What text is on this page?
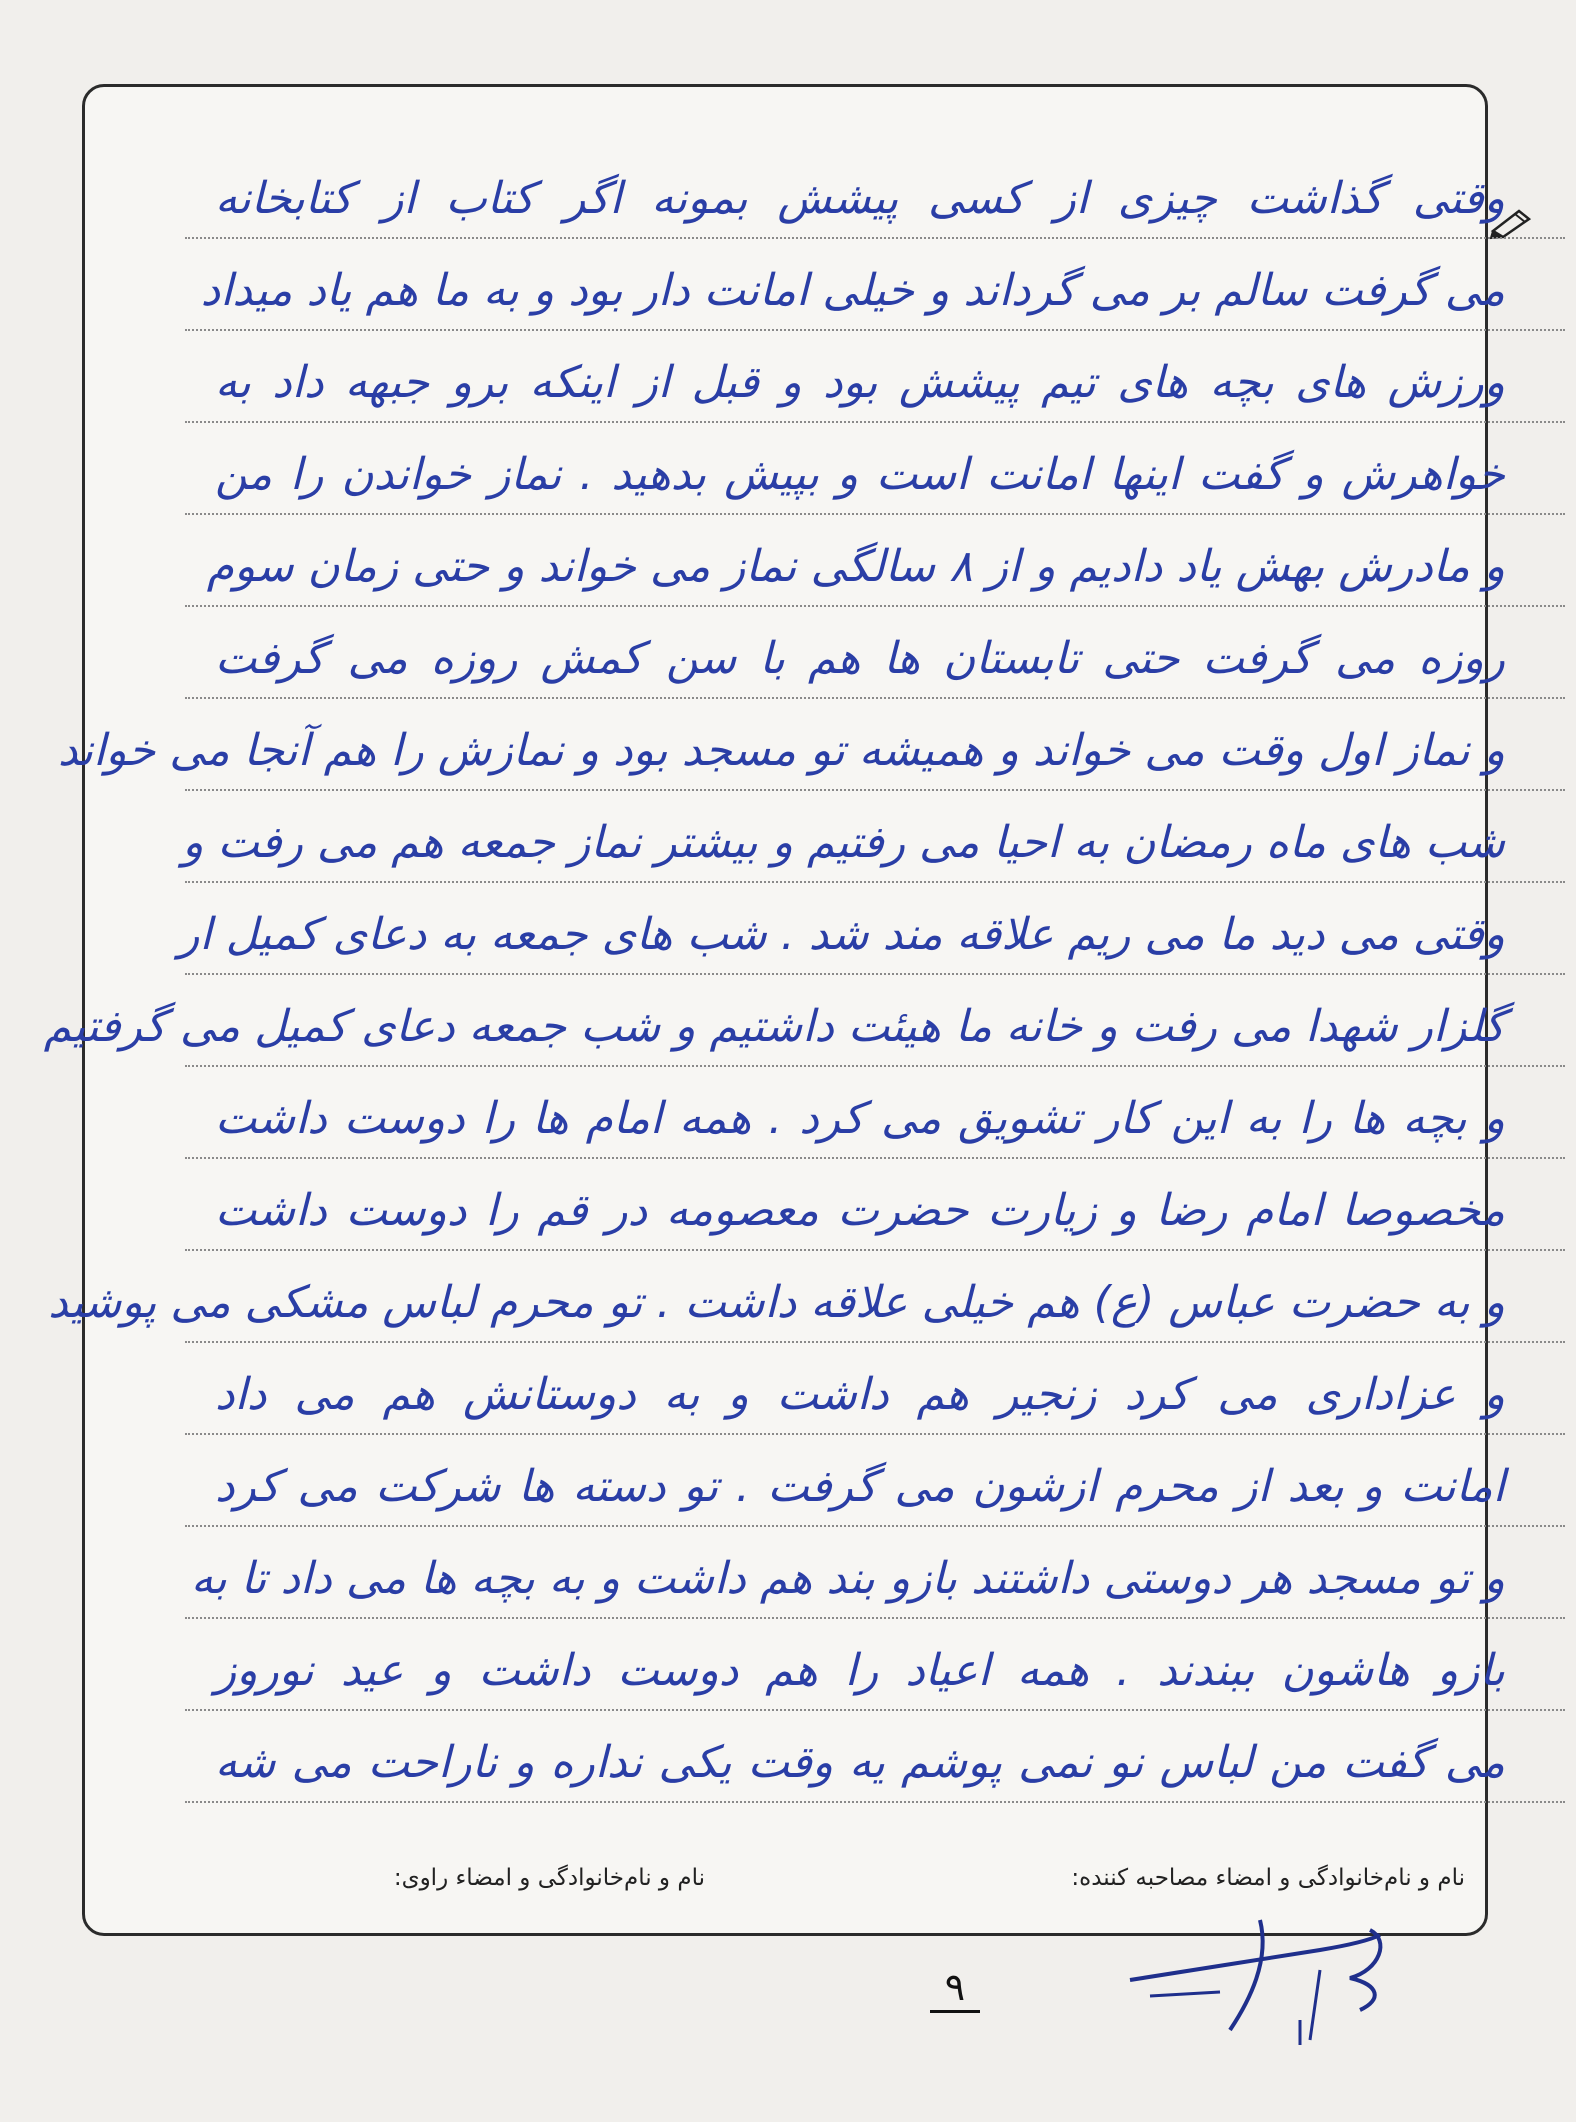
وقتی گذاشت چیزی از کسی پیشش بمونه اگر کتاب از کتابخانه
می گرفت سالم بر می گرداند و خیلی امانت دار بود و به ما هم یاد میداد
ورزش های بچه های تیم پیشش بود و قبل از اینکه برو جبهه داد به
خواهرش و گفت اینها امانت است و بپیش بدهید . نماز خواندن را من
و مادرش بهش یاد دادیم و از ۸ سالگی نماز می خواند و حتی زمان سوم
روزه می گرفت حتی تابستان ها هم با سن کمش روزه می گرفت
و نماز اول وقت می خواند و همیشه تو مسجد بود و نمازش را هم آنجا می خواند
شب های ماه رمضان به احیا می رفتیم و بیشتر نماز جمعه هم می رفت و
وقتی می دید ما می ریم علاقه مند شد . شب های جمعه به دعای کمیل ار
گلزار شهدا می رفت و خانه ما هیئت داشتیم و شب جمعه دعای کمیل می گرفتیم
و بچه ها را به این کار تشویق می کرد . همه امام ها را دوست داشت
مخصوصا امام رضا و زیارت حضرت معصومه در قم را دوست داشت
و به حضرت عباس (ع) هم خیلی علاقه داشت . تو محرم لباس مشکی می پوشید
و عزاداری می کرد زنجیر هم داشت و به دوستانش هم می داد
امانت و بعد از محرم ازشون می گرفت . تو دسته ها شرکت می کرد
و تو مسجد هر دوستی داشتند بازو بند هم داشت و به بچه ها می داد تا به
بازو هاشون ببندند . همه اعیاد را هم دوست داشت و عید نوروز
می گفت من لباس نو نمی پوشم یه وقت یکی نداره و ناراحت می شه
نام و نام‌خانوادگی و امضاء مصاحبه کننده:
نام و نام‌خانوادگی و امضاء راوی:
۹
